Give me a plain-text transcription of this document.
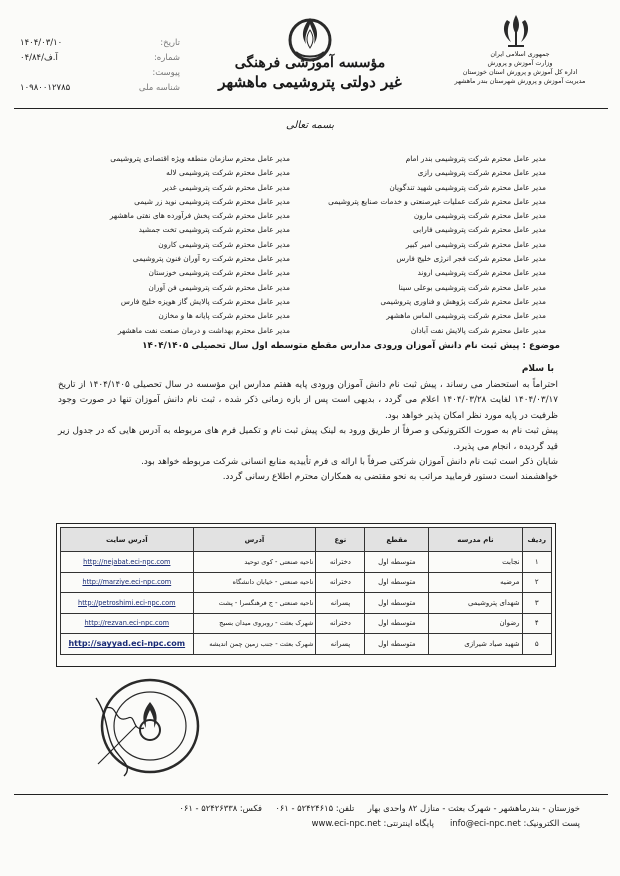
تاریخ:
۱۴۰۴/۰۳/۱۰
شماره:
۰۴/۸۴/آ.ف
پیوست:
شناسه ملی
۱۰۹۸۰۰۱۲۷۸۵
مؤسسه آموزشی فرهنگی
غیر دولتی پتروشیمی ماهشهر
جمهوری اسلامی ایران
وزارت آموزش و پرورش
اداره کل آموزش و پرورش استان خوزستان
مدیریت آموزش و پرورش شهرستان بندر ماهشهر
بسمه تعالی
مدیر عامل محترم شرکت پتروشیمی بندر امام
مدیر عامل محترم شرکت پتروشیمی رازی
مدیر عامل محترم شرکت پتروشیمی شهید تندگویان
مدیر عامل محترم شرکت عملیات غیرصنعتی و خدمات صنایع پتروشیمی
مدیر عامل محترم شرکت پتروشیمی مارون
مدیر عامل محترم شرکت پتروشیمی فارابی
مدیر عامل محترم شرکت پتروشیمی امیر کبیر
مدیر عامل محترم شرکت فجر انرژی خلیج فارس
مدیر عامل محترم شرکت پتروشیمی اروند
مدیر عامل محترم شرکت پتروشیمی بوعلی سینا
مدیر عامل محترم شرکت پژوهش و فناوری پتروشیمی
مدیر عامل محترم شرکت پتروشیمی الماس ماهشهر
مدیر عامل محترم شرکت پالایش نفت آبادان
مدیر عامل محترم سازمان منطقه ویژه اقتصادی پتروشیمی
مدیر عامل محترم شرکت پتروشیمی لاله
مدیر عامل محترم شرکت پتروشیمی غدیر
مدیر عامل محترم شرکت پتروشیمی نوید زر شیمی
مدیر عامل محترم شرکت پخش فرآورده های نفتی ماهشهر
مدیر عامل محترم شرکت پتروشیمی تخت جمشید
مدیر عامل محترم شرکت پتروشیمی کارون
مدیر عامل محترم شرکت ره آوران فنون پتروشیمی
مدیر عامل محترم شرکت پتروشیمی خوزستان
مدیر عامل محترم شرکت پتروشیمی فن آوران
مدیر عامل محترم شرکت پالایش گاز هویزه خلیج فارس
مدیر عامل محترم شرکت پایانه ها و مخازن
مدیر عامل محترم بهداشت و درمان صنعت نفت ماهشهر
موضوع : پیش ثبت نام دانش آموزان ورودی مدارس مقطع متوسطه اول سال تحصیلی ۱۴۰۴/۱۴۰۵
با سلام

احتراماً به استحضار می رساند ، پیش ثبت نام دانش آموزان ورودی پایه هفتم مدارس این مؤسسه در سال تحصیلی ۱۴۰۴/۱۴۰۵ از تاریخ ۱۴۰۴/۰۳/۱۷ لغایت ۱۴۰۴/۰۳/۲۸ اعلام می گردد ، بدیهی است پس از بازه زمانی ذکر شده ، ثبت نام دانش آموزان تنها در صورت وجود ظرفیت در پایه مورد نظر امکان پذیر خواهد بود.

پیش ثبت نام به صورت الکترونیکی و صرفاً از طریق ورود به لینک پیش ثبت نام و تکمیل فرم های مربوطه به آدرس هایی که در جدول زیر قید گردیده ، انجام می پذیرد.

شایان ذکر است ثبت نام دانش آموزان شرکتی صرفاً با ارائه ی فرم تأییدیه منابع انسانی شرکت مربوطه خواهد بود.

خواهشمند است دستور فرمایید مراتب به نحو مقتضی به همکاران محترم اطلاع رسانی گردد.

ردیف	نام مدرسه	مقطع	نوع	آدرس	آدرس سایت
۱	نجابت	متوسطه اول	دخترانه	ناحیه صنعتی - کوی توحید	http://nejabat.eci-npc.com
۲	مرضیه	متوسطه اول	دخترانه	ناحیه صنعتی - خیابان دانشگاه	http://marziye.eci-npc.com
۳	شهدای پتروشیمی	متوسطه اول	پسرانه	ناحیه صنعتی - ج فرهنگسرا - پشت	http://petroshimi.eci-npc.com
۴	رضوان	متوسطه اول	دخترانه	شهرک بعثت - روبروی میدان بسیج	http://rezvan.eci-npc.com
۵	شهید صیاد شیرازی	متوسطه اول	پسرانه	شهرک بعثت - جنب زمین چمن اندیشه	http://sayyad.eci-npc.com
خوزستان - بندرماهشهر - شهرک بعثت - منازل ۸۲ واحدی بهار     تلفن: ۵۲۴۲۴۶۱۵ - ۰۶۱     فکس: ۵۲۴۲۶۳۳۸ - ۰۶۱
پست الکترونیک: info@eci-npc.net      پایگاه اینترنتی: www.eci-npc.net
